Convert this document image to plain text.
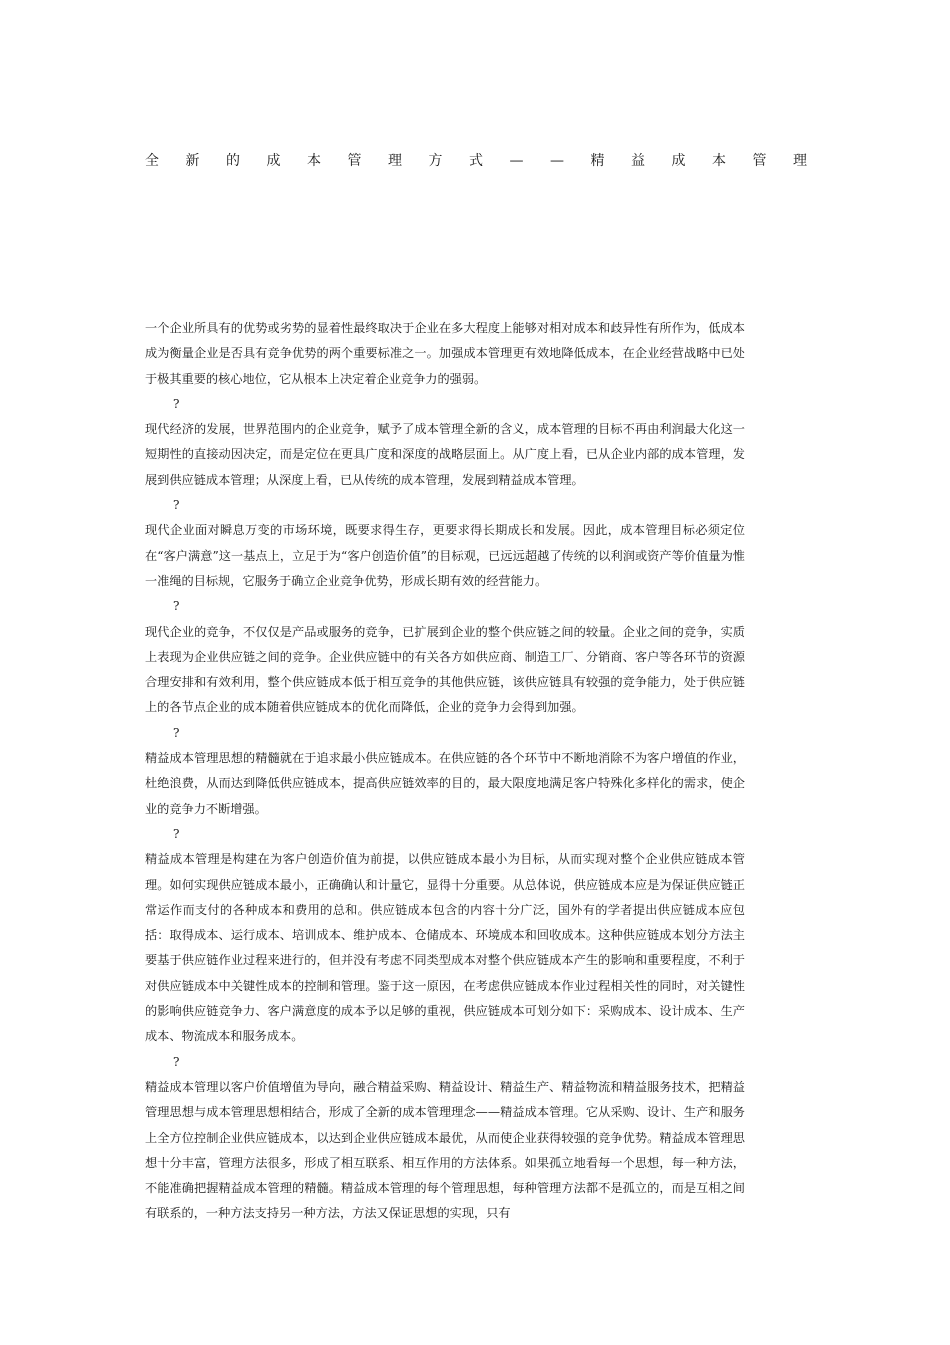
全 新 的 成 本 管 理 方 式 — — 精 益 成 本 管 理

一个企业所具有的优势或劣势的显着性最终取决于企业在多大程度上能够对相对成本和歧异性有所作为，低成本成为衡量企业是否具有竞争优势的两个重要标准之一。加强成本管理更有效地降低成本，在企业经营战略中已处于极其重要的核心地位，它从根本上决定着企业竞争力的强弱。

?

现代经济的发展，世界范围内的企业竞争，赋予了成本管理全新的含义，成本管理的目标不再由利润最大化这一短期性的直接动因决定，而是定位在更具广度和深度的战略层面上。从广度上看，已从企业内部的成本管理，发展到供应链成本管理；从深度上看，已从传统的成本管理，发展到精益成本管理。

?

现代企业面对瞬息万变的市场环境，既要求得生存，更要求得长期成长和发展。因此，成本管理目标必须定位在“客户满意”这一基点上，立足于为“客户创造价值”的目标观，已远远超越了传统的以利润或资产等价值量为惟一准绳的目标规，它服务于确立企业竞争优势，形成长期有效的经营能力。

?

现代企业的竞争，不仅仅是产品或服务的竞争，已扩展到企业的整个供应链之间的较量。企业之间的竞争，实质上表现为企业供应链之间的竞争。企业供应链中的有关各方如供应商、制造工厂、分销商、客户等各环节的资源合理安排和有效利用，整个供应链成本低于相互竞争的其他供应链，该供应链具有较强的竞争能力，处于供应链上的各节点企业的成本随着供应链成本的优化而降低，企业的竞争力会得到加强。

?

精益成本管理思想的精髓就在于追求最小供应链成本。在供应链的各个环节中不断地消除不为客户增值的作业，杜绝浪费，从而达到降低供应链成本，提高供应链效率的目的，最大限度地满足客户特殊化多样化的需求，使企业的竞争力不断增强。

?

精益成本管理是构建在为客户创造价值为前提，以供应链成本最小为目标，从而实现对整个企业供应链成本管理。如何实现供应链成本最小，正确确认和计量它，显得十分重要。从总体说，供应链成本应是为保证供应链正常运作而支付的各种成本和费用的总和。供应链成本包含的内容十分广泛，国外有的学者提出供应链成本应包括：取得成本、运行成本、培训成本、维护成本、仓储成本、环境成本和回收成本。这种供应链成本划分方法主要基于供应链作业过程来进行的，但并没有考虑不同类型成本对整个供应链成本产生的影响和重要程度，不利于对供应链成本中关键性成本的控制和管理。鉴于这一原因，在考虑供应链成本作业过程相关性的同时，对关键性的影响供应链竞争力、客户满意度的成本予以足够的重视，供应链成本可划分如下：采购成本、设计成本、生产成本、物流成本和服务成本。

?

精益成本管理以客户价值增值为导向，融合精益采购、精益设计、精益生产、精益物流和精益服务技术，把精益管理思想与成本管理思想相结合，形成了全新的成本管理理念——精益成本管理。它从采购、设计、生产和服务上全方位控制企业供应链成本，以达到企业供应链成本最优，从而使企业获得较强的竞争优势。精益成本管理思想十分丰富，管理方法很多，形成了相互联系、相互作用的方法体系。如果孤立地看每一个思想，每一种方法，不能准确把握精益成本管理的精髓。精益成本管理的每个管理思想，每种管理方法都不是孤立的，而是互相之间有联系的，一种方法支持另一种方法，方法又保证思想的实现，只有
